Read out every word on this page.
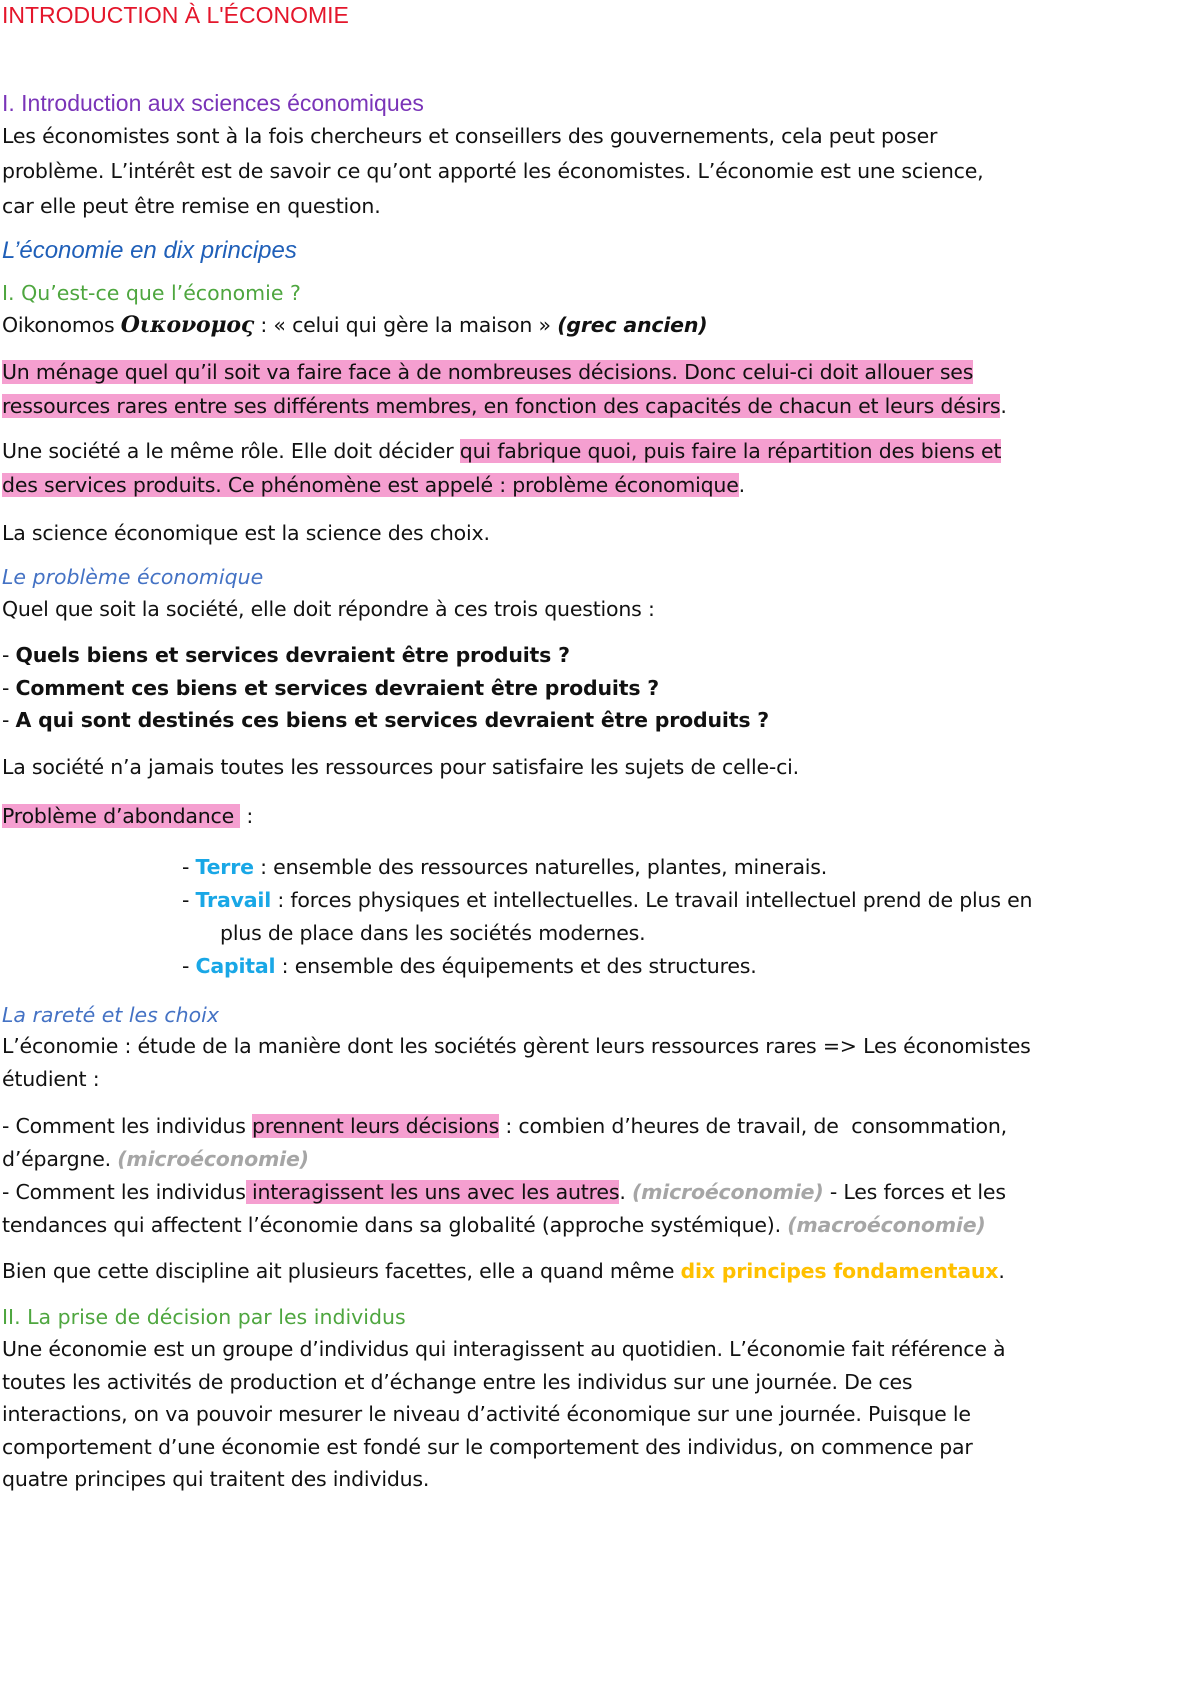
INTRODUCTION À L'ÉCONOMIE
I. Introduction aux sciences économiques
Les économistes sont à la fois chercheurs et conseillers des gouvernements, cela peut poser
problème. L’intérêt est de savoir ce qu’ont apporté les économistes. L’économie est une science,
car elle peut être remise en question.
L’économie en dix principes
I. Qu’est-ce que l’économie ?
Oikonomos Οικονομος : « celui qui gère la maison » (grec ancien)
Un ménage quel qu’il soit va faire face à de nombreuses décisions. Donc celui-ci doit allouer ses
ressources rares entre ses différents membres, en fonction des capacités de chacun et leurs désirs.
Une société a le même rôle. Elle doit décider qui fabrique quoi, puis faire la répartition des biens et
des services produits. Ce phénomène est appelé : problème économique.
La science économique est la science des choix.
Le problème économique
Quel que soit la société, elle doit répondre à ces trois questions :
- Quels biens et services devraient être produits ?
- Comment ces biens et services devraient être produits ?
- A qui sont destinés ces biens et services devraient être produits ?
La société n’a jamais toutes les ressources pour satisfaire les sujets de celle-ci.
Problème d’abondance :
- Terre : ensemble des ressources naturelles, plantes, minerais.
- Travail : forces physiques et intellectuelles. Le travail intellectuel prend de plus en
plus de place dans les sociétés modernes.
- Capital : ensemble des équipements et des structures.
La rareté et les choix
L’économie : étude de la manière dont les sociétés gèrent leurs ressources rares => Les économistes
étudient :
- Comment les individus prennent leurs décisions : combien d’heures de travail, de  consommation,
d’épargne. (microéconomie)
- Comment les individus interagissent les uns avec les autres. (microéconomie) - Les forces et les
tendances qui affectent l’économie dans sa globalité (approche systémique). (macroéconomie)
Bien que cette discipline ait plusieurs facettes, elle a quand même dix principes fondamentaux.
II. La prise de décision par les individus
Une économie est un groupe d’individus qui interagissent au quotidien. L’économie fait référence à
toutes les activités de production et d’échange entre les individus sur une journée. De ces
interactions, on va pouvoir mesurer le niveau d’activité économique sur une journée. Puisque le
comportement d’une économie est fondé sur le comportement des individus, on commence par
quatre principes qui traitent des individus.
